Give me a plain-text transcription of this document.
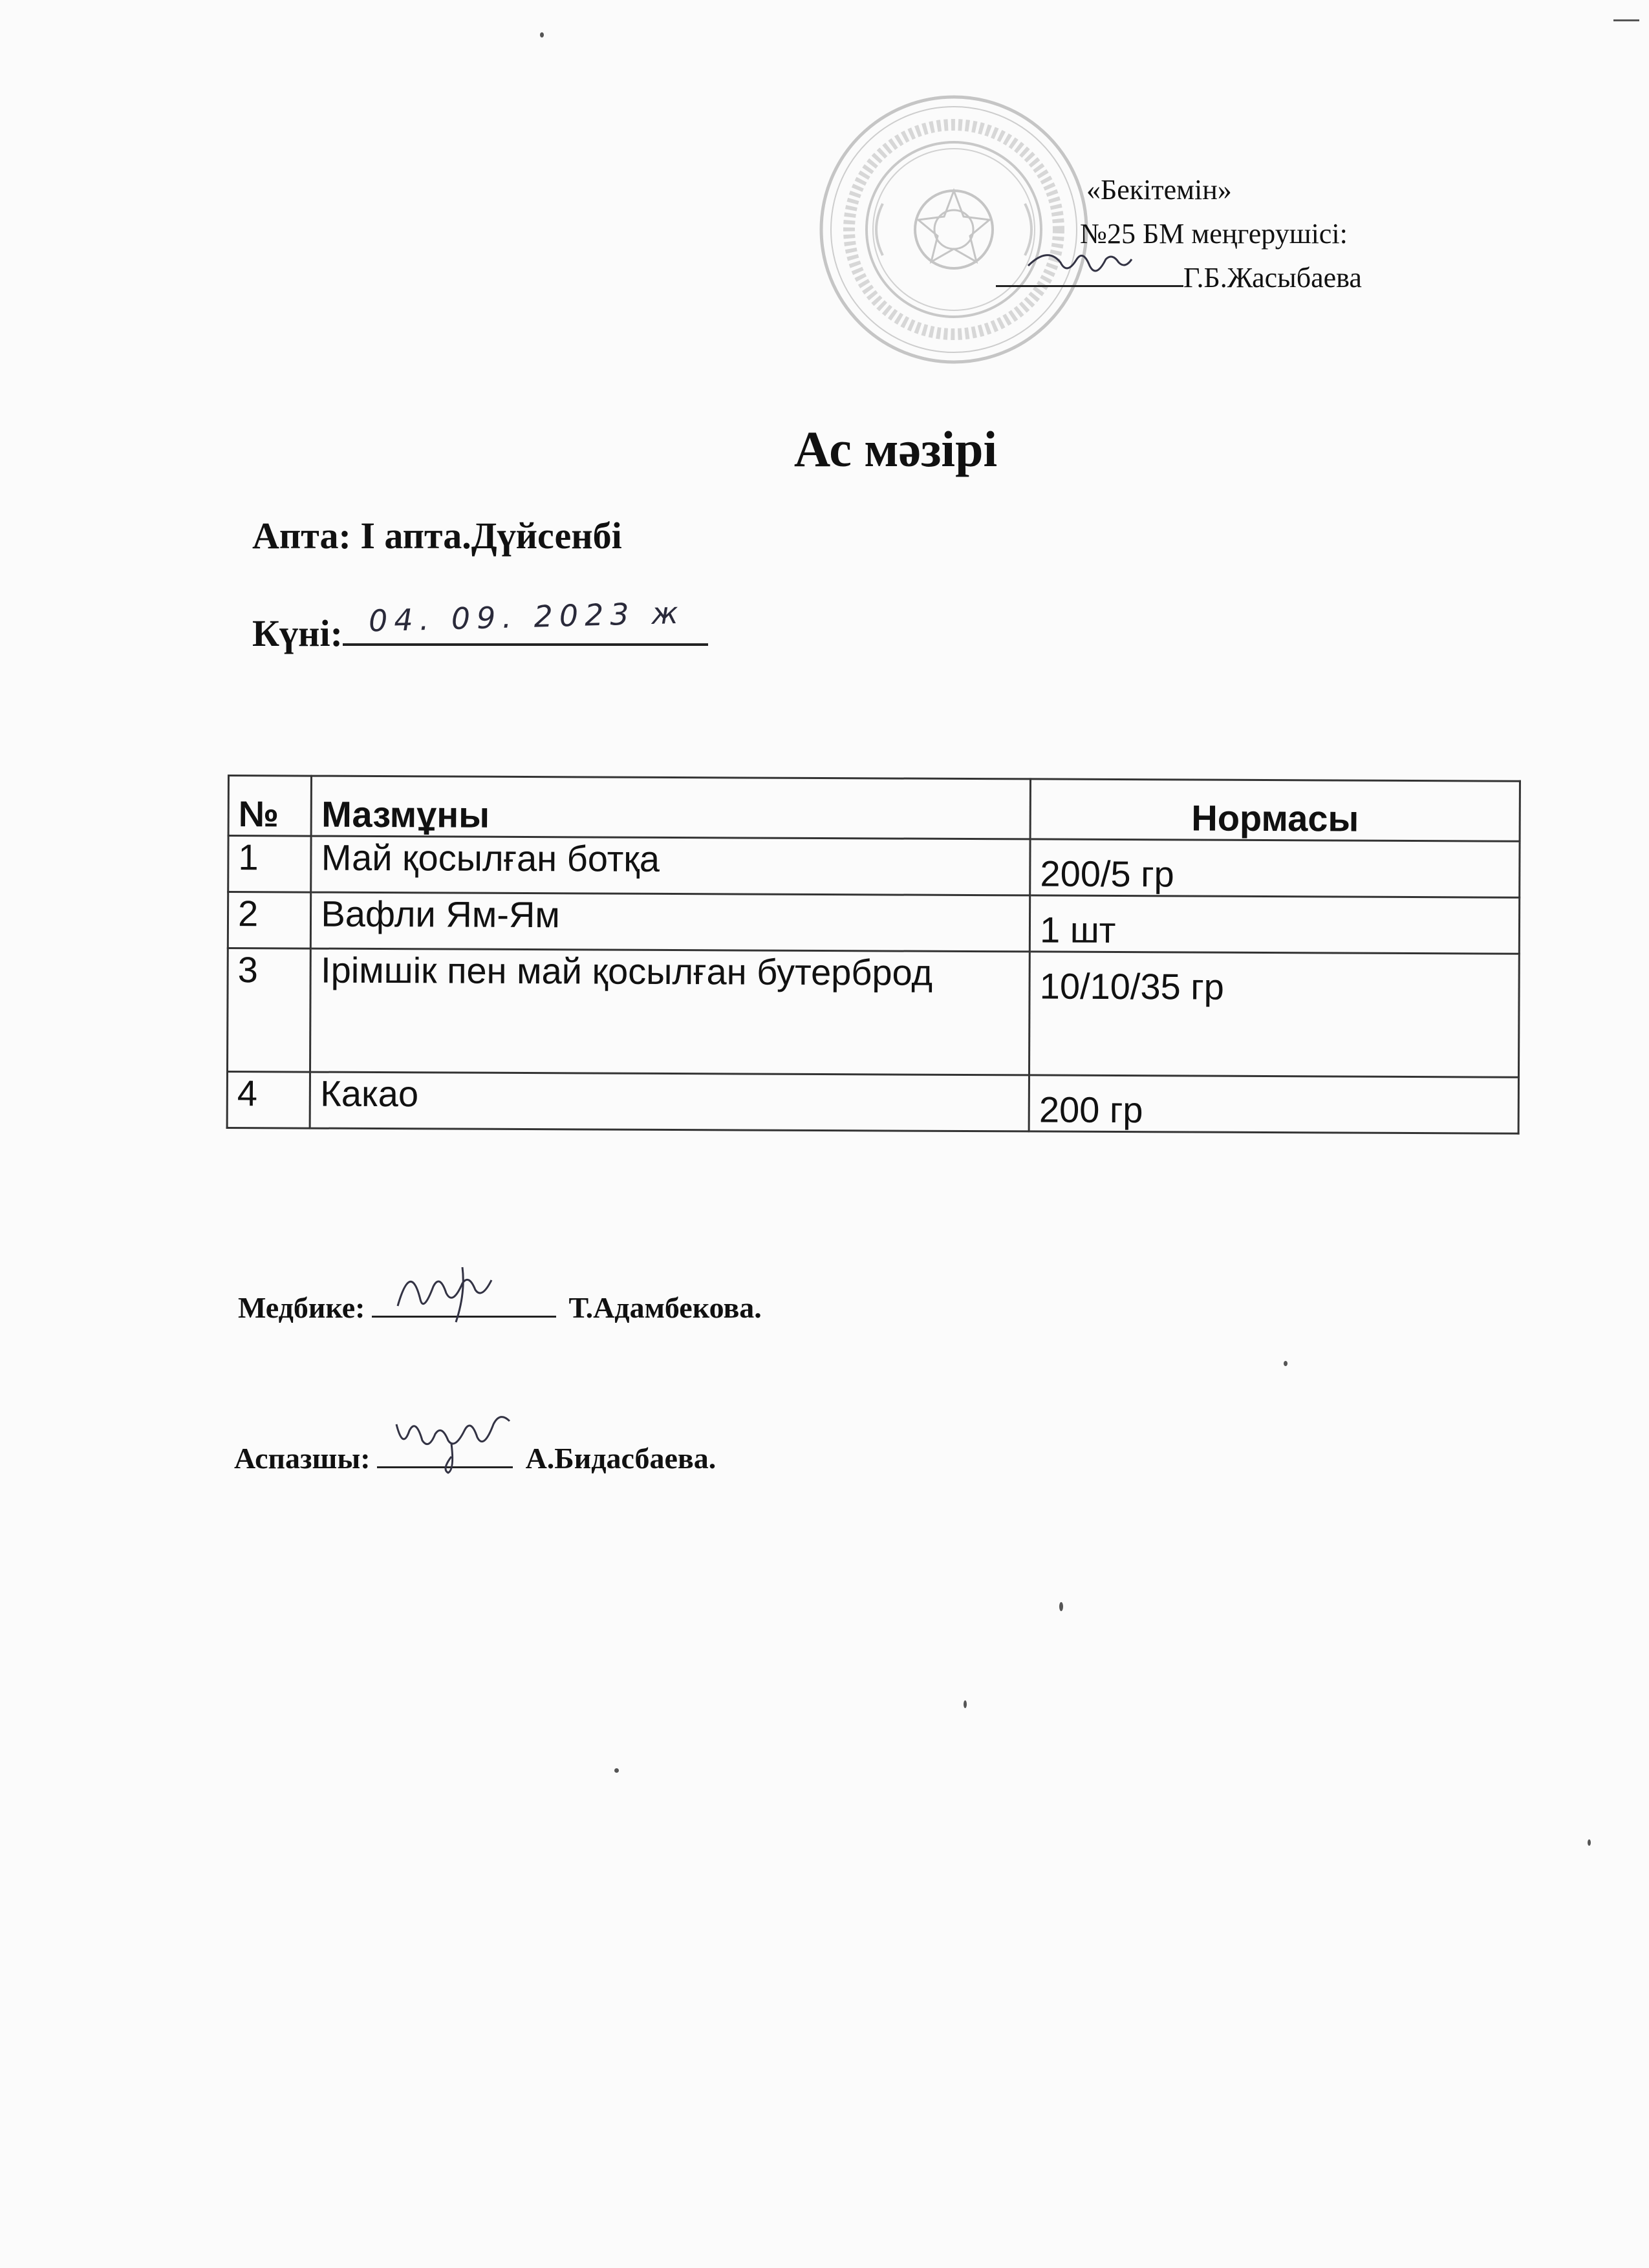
«Бекітемін»
№25 БМ меңгерушісі:
Г.Б.Жасыбаева
Ас мәзірі
Апта: I апта.Дүйсенбі
Күні: 04. 09. 2023 ж
№	Мазмұны	Нормасы
1	Май қосылған ботқа	200/5 гр
2	Вафли Ям-Ям	1 шт
3	Ірімшік пен май қосылған бутерброд	10/10/35 гр
4	Какао	200 гр
Медбике:	Т.Адамбекова.
Аспазшы:	А.Бидасбаева.
